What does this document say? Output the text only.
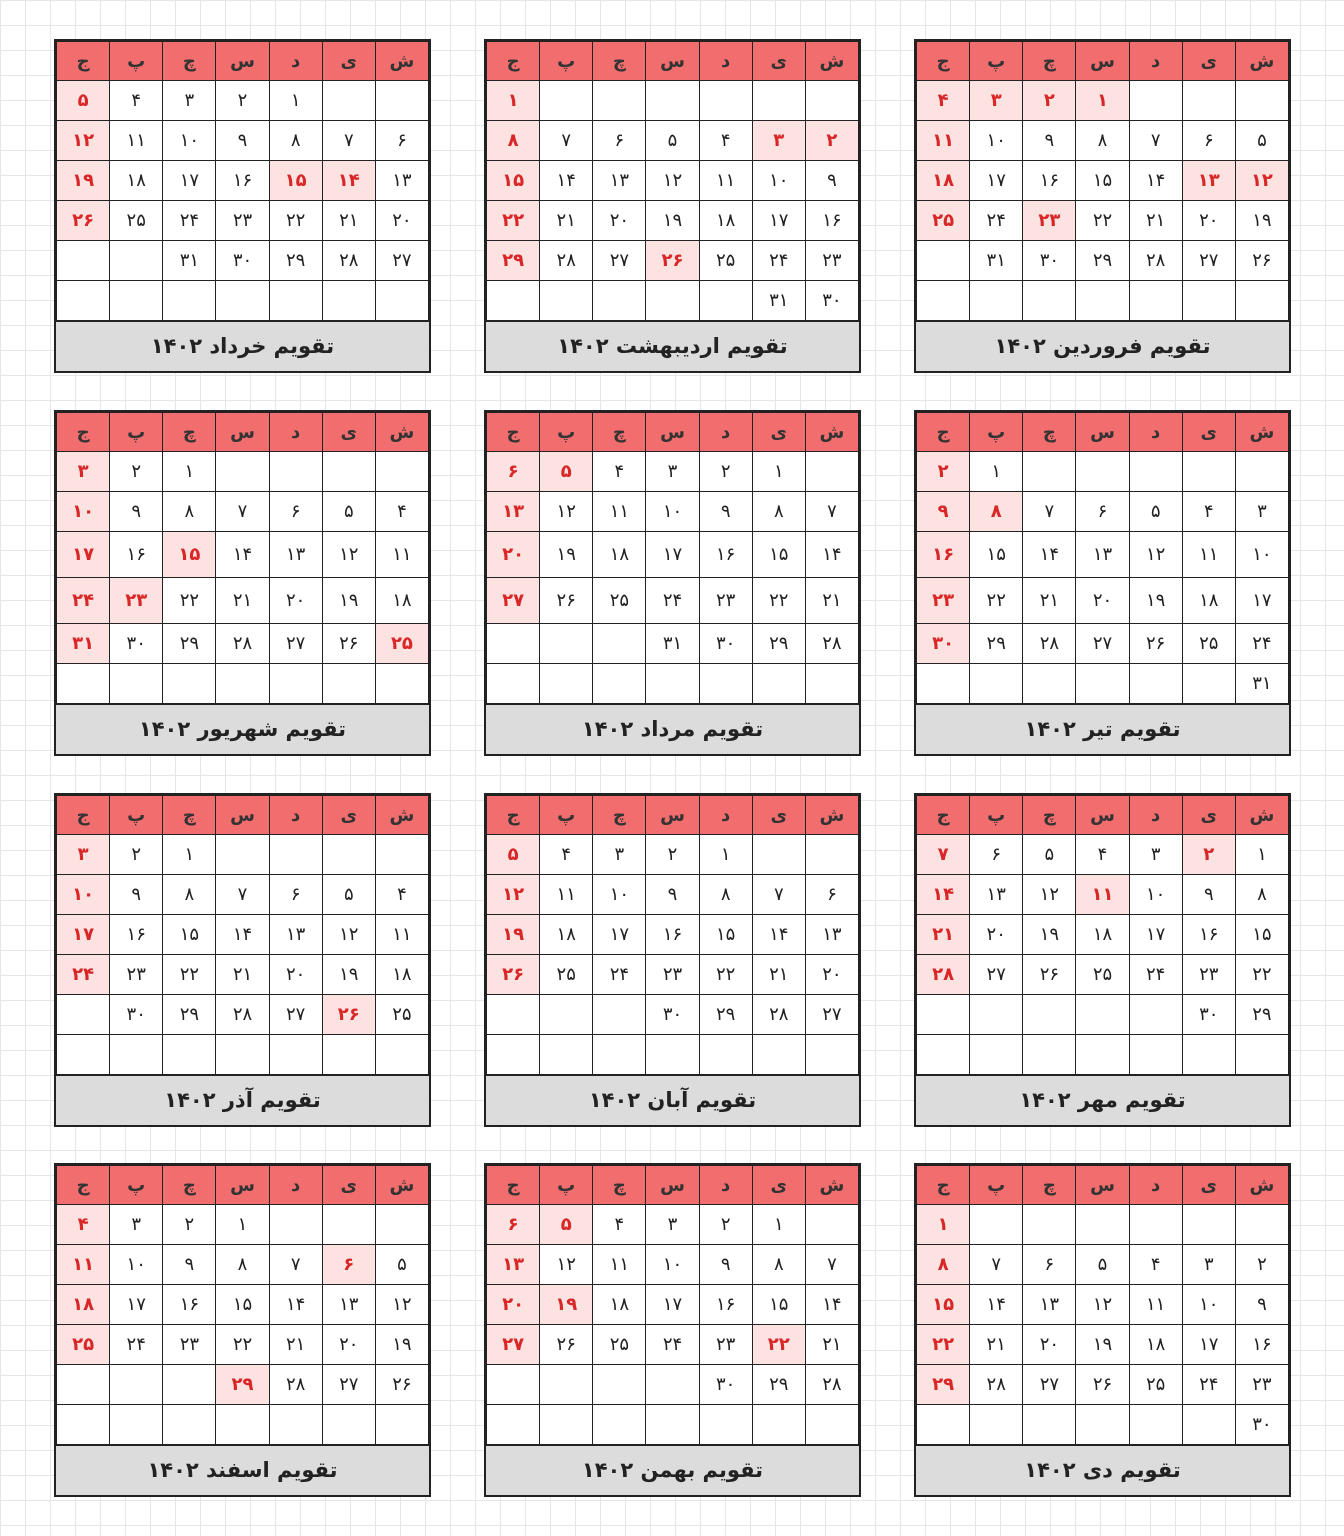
ش	ی	د	س	چ	پ	ج
			۱	۲	۳	۴
۵	۶	۷	۸	۹	۱۰	۱۱
۱۲	۱۳	۱۴	۱۵	۱۶	۱۷	۱۸
۱۹	۲۰	۲۱	۲۲	۲۳	۲۴	۲۵
۲۶	۲۷	۲۸	۲۹	۳۰	۳۱	

تقویم فروردین ۱۴۰۲
ش	ی	د	س	چ	پ	ج
						۱
۲	۳	۴	۵	۶	۷	۸
۹	۱۰	۱۱	۱۲	۱۳	۱۴	۱۵
۱۶	۱۷	۱۸	۱۹	۲۰	۲۱	۲۲
۲۳	۲۴	۲۵	۲۶	۲۷	۲۸	۲۹
۳۰	۳۱					
تقویم اردیبهشت ۱۴۰۲
ش	ی	د	س	چ	پ	ج
		۱	۲	۳	۴	۵
۶	۷	۸	۹	۱۰	۱۱	۱۲
۱۳	۱۴	۱۵	۱۶	۱۷	۱۸	۱۹
۲۰	۲۱	۲۲	۲۳	۲۴	۲۵	۲۶
۲۷	۲۸	۲۹	۳۰	۳۱		

تقویم خرداد ۱۴۰۲
ش	ی	د	س	چ	پ	ج
					۱	۲
۳	۴	۵	۶	۷	۸	۹
۱۰	۱۱	۱۲	۱۳	۱۴	۱۵	۱۶
۱۷	۱۸	۱۹	۲۰	۲۱	۲۲	۲۳
۲۴	۲۵	۲۶	۲۷	۲۸	۲۹	۳۰
۳۱						
تقویم تیر ۱۴۰۲
ش	ی	د	س	چ	پ	ج
	۱	۲	۳	۴	۵	۶
۷	۸	۹	۱۰	۱۱	۱۲	۱۳
۱۴	۱۵	۱۶	۱۷	۱۸	۱۹	۲۰
۲۱	۲۲	۲۳	۲۴	۲۵	۲۶	۲۷
۲۸	۲۹	۳۰	۳۱			

تقویم مرداد ۱۴۰۲
ش	ی	د	س	چ	پ	ج
				۱	۲	۳
۴	۵	۶	۷	۸	۹	۱۰
۱۱	۱۲	۱۳	۱۴	۱۵	۱۶	۱۷
۱۸	۱۹	۲۰	۲۱	۲۲	۲۳	۲۴
۲۵	۲۶	۲۷	۲۸	۲۹	۳۰	۳۱

تقویم شهریور ۱۴۰۲
ش	ی	د	س	چ	پ	ج
۱	۲	۳	۴	۵	۶	۷
۸	۹	۱۰	۱۱	۱۲	۱۳	۱۴
۱۵	۱۶	۱۷	۱۸	۱۹	۲۰	۲۱
۲۲	۲۳	۲۴	۲۵	۲۶	۲۷	۲۸
۲۹	۳۰					

تقویم مهر ۱۴۰۲
ش	ی	د	س	چ	پ	ج
		۱	۲	۳	۴	۵
۶	۷	۸	۹	۱۰	۱۱	۱۲
۱۳	۱۴	۱۵	۱۶	۱۷	۱۸	۱۹
۲۰	۲۱	۲۲	۲۳	۲۴	۲۵	۲۶
۲۷	۲۸	۲۹	۳۰			

تقویم آبان ۱۴۰۲
ش	ی	د	س	چ	پ	ج
				۱	۲	۳
۴	۵	۶	۷	۸	۹	۱۰
۱۱	۱۲	۱۳	۱۴	۱۵	۱۶	۱۷
۱۸	۱۹	۲۰	۲۱	۲۲	۲۳	۲۴
۲۵	۲۶	۲۷	۲۸	۲۹	۳۰	

تقویم آذر ۱۴۰۲
ش	ی	د	س	چ	پ	ج
						۱
۲	۳	۴	۵	۶	۷	۸
۹	۱۰	۱۱	۱۲	۱۳	۱۴	۱۵
۱۶	۱۷	۱۸	۱۹	۲۰	۲۱	۲۲
۲۳	۲۴	۲۵	۲۶	۲۷	۲۸	۲۹
۳۰						
تقویم دی ۱۴۰۲
ش	ی	د	س	چ	پ	ج
	۱	۲	۳	۴	۵	۶
۷	۸	۹	۱۰	۱۱	۱۲	۱۳
۱۴	۱۵	۱۶	۱۷	۱۸	۱۹	۲۰
۲۱	۲۲	۲۳	۲۴	۲۵	۲۶	۲۷
۲۸	۲۹	۳۰				

تقویم بهمن ۱۴۰۲
ش	ی	د	س	چ	پ	ج
			۱	۲	۳	۴
۵	۶	۷	۸	۹	۱۰	۱۱
۱۲	۱۳	۱۴	۱۵	۱۶	۱۷	۱۸
۱۹	۲۰	۲۱	۲۲	۲۳	۲۴	۲۵
۲۶	۲۷	۲۸	۲۹			

تقویم اسفند ۱۴۰۲
